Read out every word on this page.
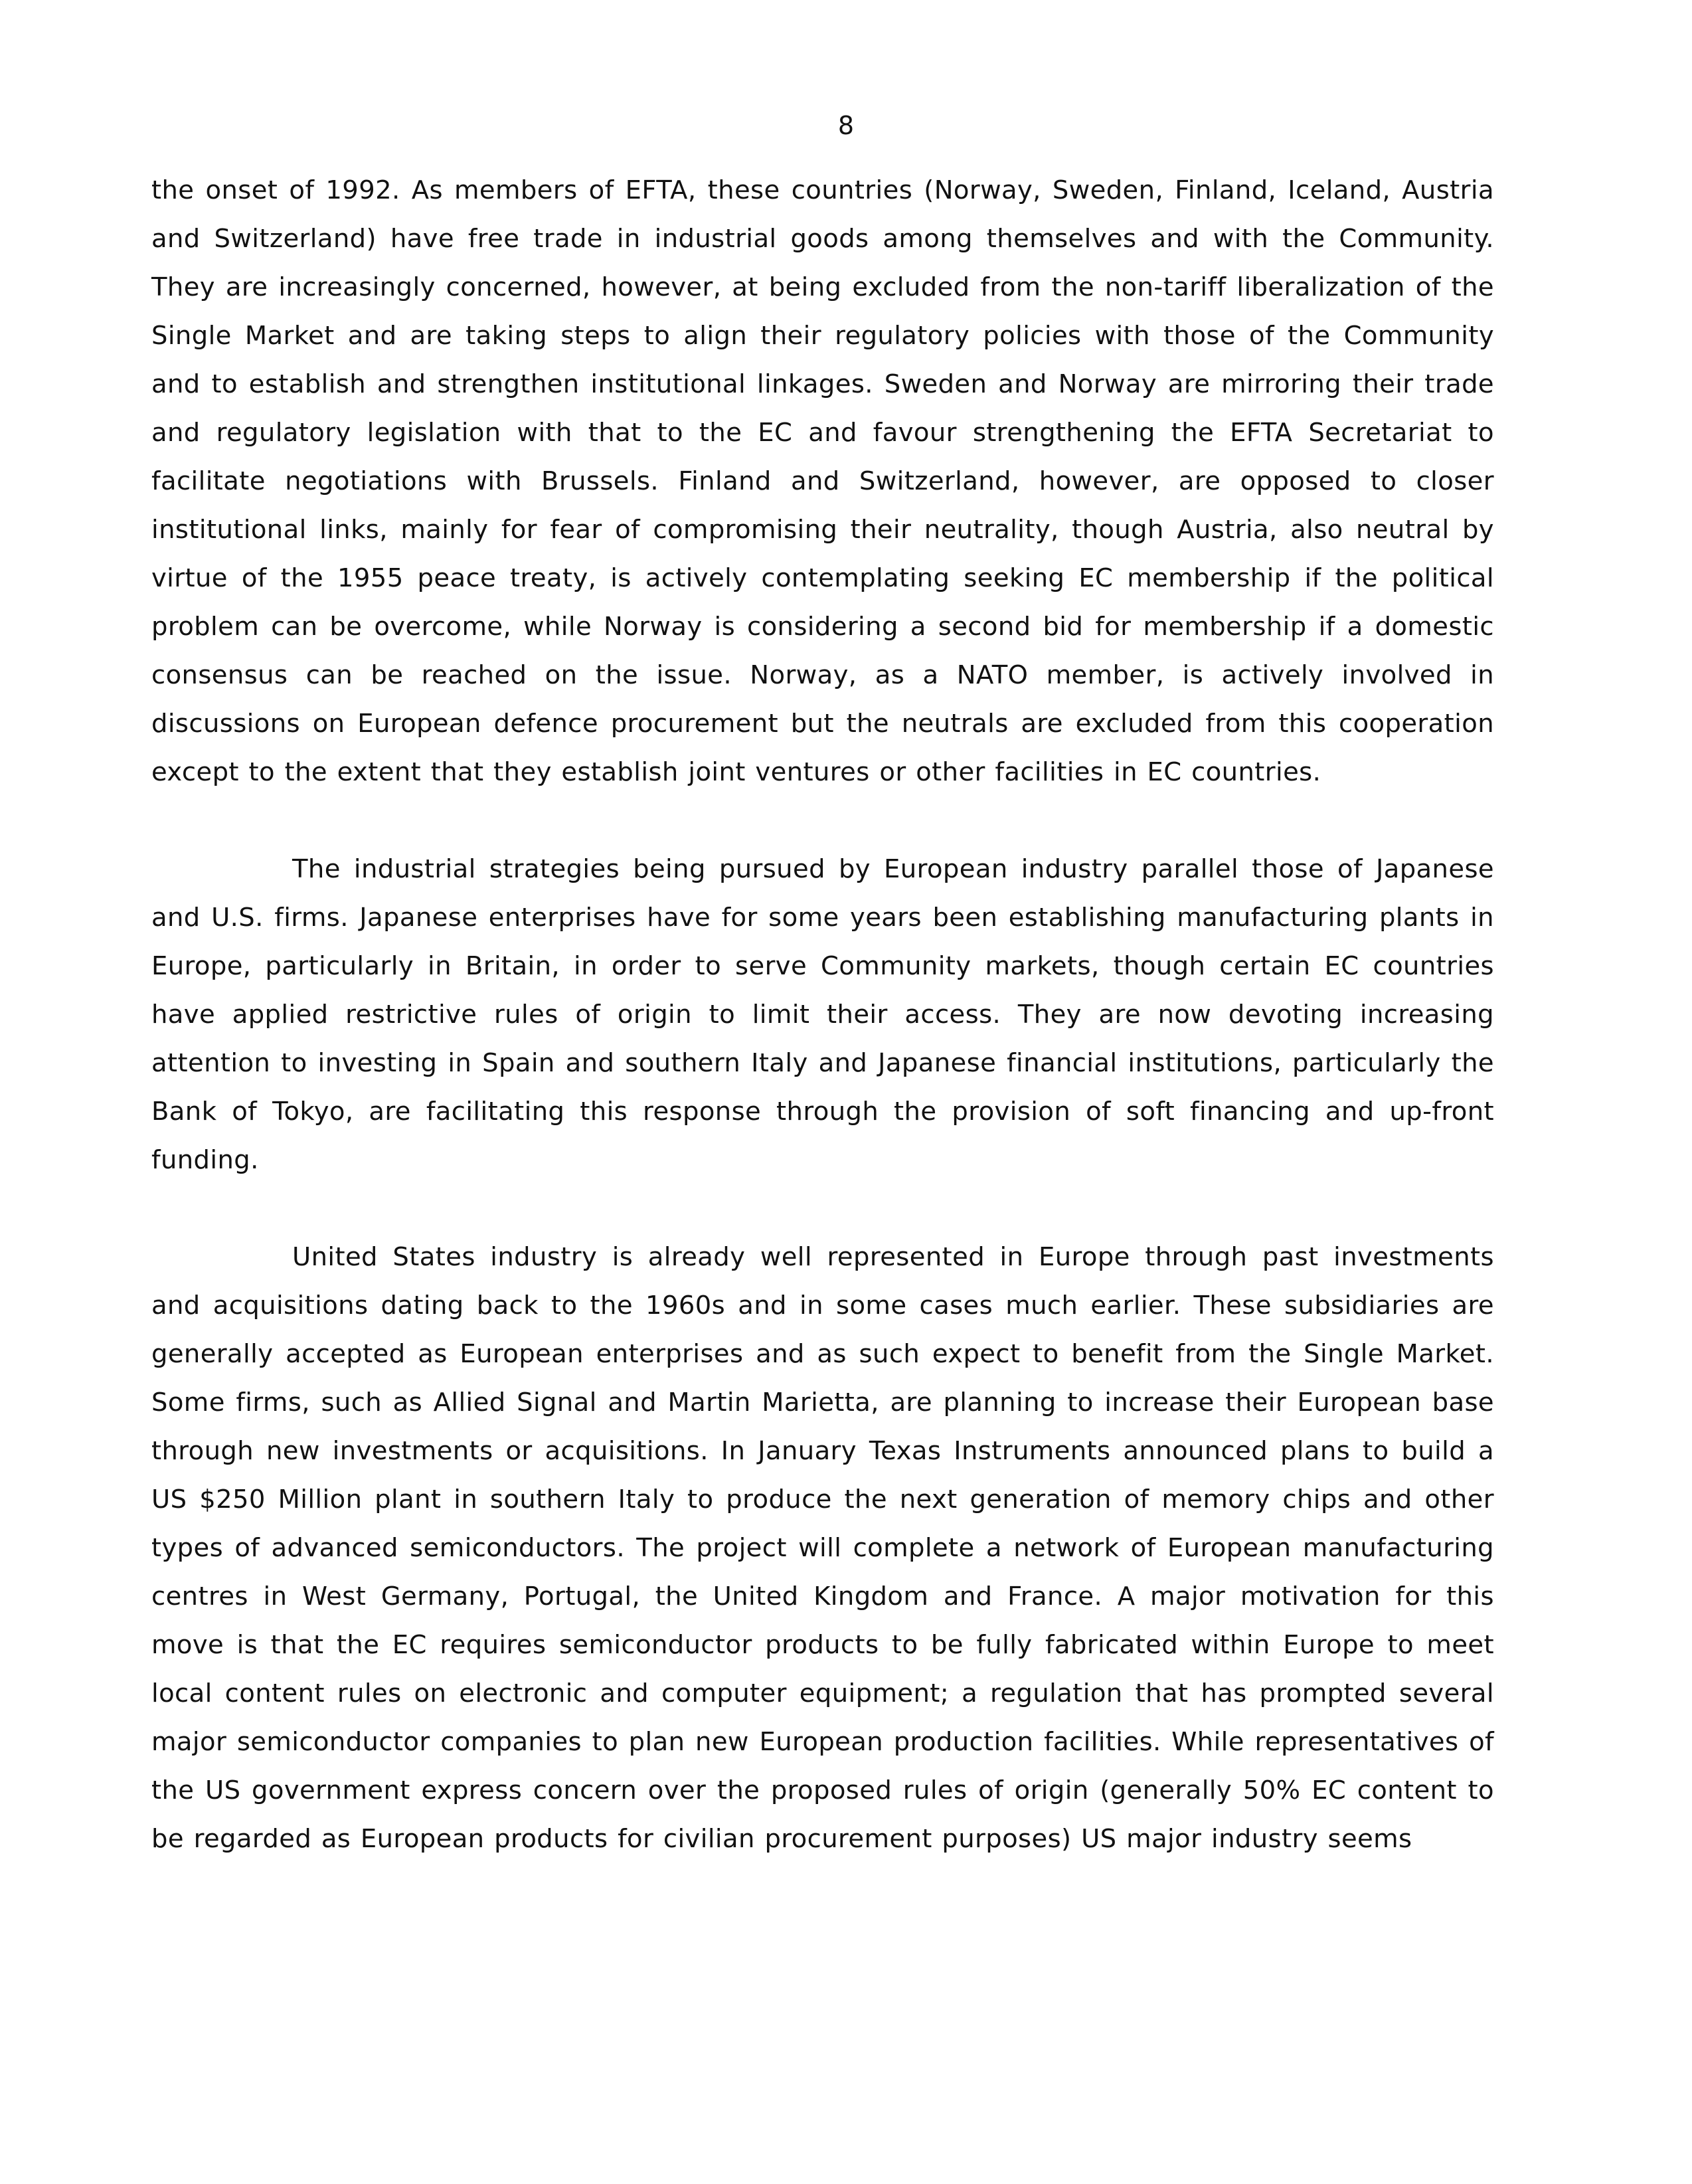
8

the onset of 1992. As members of EFTA, these countries (Norway, Sweden, Finland, Iceland, Austria and Switzerland) have free trade in industrial goods among themselves and with the Community. They are increasingly concerned, however, at being excluded from the non-tariff liberalization of the Single Market and are taking steps to align their regulatory policies with those of the Community and to establish and strengthen institutional linkages. Sweden and Norway are mirroring their trade and regulatory legislation with that to the EC and favour strengthening the EFTA Secretariat to facilitate negotiations with Brussels. Finland and Switzerland, however, are opposed to closer institutional links, mainly for fear of compromising their neutrality, though Austria, also neutral by virtue of the 1955 peace treaty, is actively contemplating seeking EC membership if the political problem can be overcome, while Norway is considering a second bid for membership if a domestic consensus can be reached on the issue. Norway, as a NATO member, is actively involved in discussions on European defence procurement but the neutrals are excluded from this cooperation except to the extent that they establish joint ventures or other facilities in EC countries.

The industrial strategies being pursued by European industry parallel those of Japanese and U.S. firms. Japanese enterprises have for some years been establishing manufacturing plants in Europe, particularly in Britain, in order to serve Community markets, though certain EC countries have applied restrictive rules of origin to limit their access. They are now devoting increasing attention to investing in Spain and southern Italy and Japanese financial institutions, particularly the Bank of Tokyo, are facilitating this response through the provision of soft financing and up-front funding.

United States industry is already well represented in Europe through past investments and acquisitions dating back to the 1960s and in some cases much earlier. These subsidiaries are generally accepted as European enterprises and as such expect to benefit from the Single Market. Some firms, such as Allied Signal and Martin Marietta, are planning to increase their European base through new investments or acquisitions. In January Texas Instruments announced plans to build a US $250 Million plant in southern Italy to produce the next generation of memory chips and other types of advanced semiconductors. The project will complete a network of European manufacturing centres in West Germany, Portugal, the United Kingdom and France. A major motivation for this move is that the EC requires semiconductor products to be fully fabricated within Europe to meet local content rules on electronic and computer equipment; a regulation that has prompted several major semiconductor companies to plan new European production facilities. While representatives of the US government express concern over the proposed rules of origin (generally 50% EC content to be regarded as European products for civilian procurement purposes) US major industry seems
